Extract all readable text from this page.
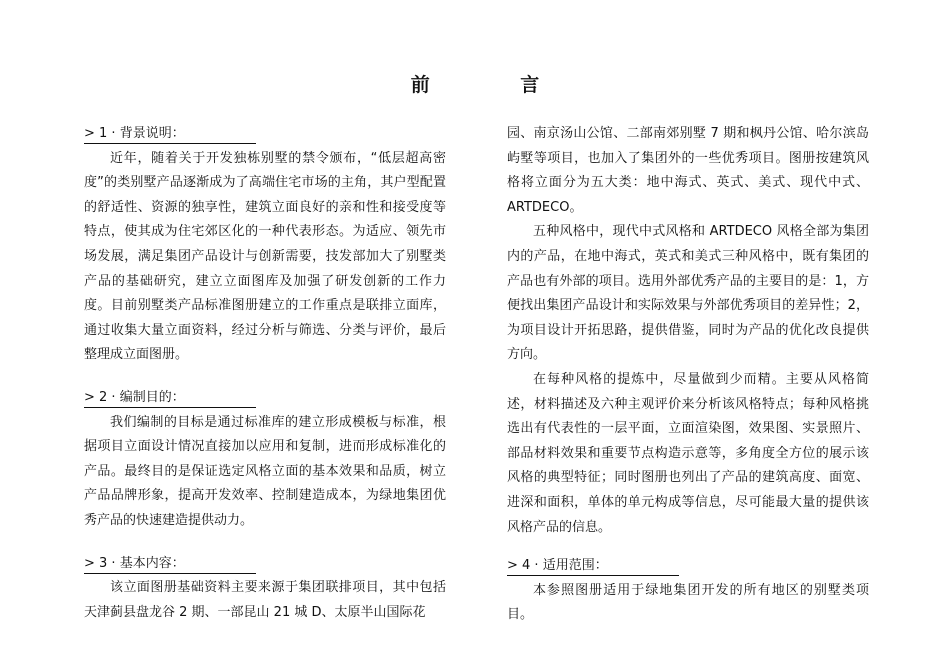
前 言
> 1 · 背景说明：

近年，随着关于开发独栋别墅的禁令颁布，“低层超高密度”的类别墅产品逐渐成为了高端住宅市场的主角，其户型配置的舒适性、资源的独享性，建筑立面良好的亲和性和接受度等特点，使其成为住宅郊区化的一种代表形态。为适应、领先市场发展，满足集团产品设计与创新需要，技发部加大了别墅类产品的基础研究，建立立面图库及加强了研发创新的工作力度。目前别墅类产品标准图册建立的工作重点是联排立面库，通过收集大量立面资料，经过分析与筛选、分类与评价，最后整理成立面图册。

> 2 · 编制目的：

我们编制的目标是通过标准库的建立形成模板与标准，根据项目立面设计情况直接加以应用和复制，进而形成标准化的产品。最终目的是保证选定风格立面的基本效果和品质，树立产品品牌形象，提高开发效率、控制建造成本，为绿地集团优秀产品的快速建造提供动力。

> 3 · 基本内容：

该立面图册基础资料主要来源于集团联排项目，其中包括天津蓟县盘龙谷 2 期、一部昆山 21 城 D、太原半山国际花

园、南京汤山公馆、二部南郊别墅 7 期和枫丹公馆、哈尔滨岛屿墅等项目，也加入了集团外的一些优秀项目。图册按建筑风格将立面分为五大类：地中海式、英式、美式、现代中式、ARTDECO。

五种风格中，现代中式风格和 ARTDECO 风格全部为集团内的产品，在地中海式，英式和美式三种风格中，既有集团的产品也有外部的项目。选用外部优秀产品的主要目的是：1，方便找出集团产品设计和实际效果与外部优秀项目的差异性；2，为项目设计开拓思路，提供借鉴，同时为产品的优化改良提供方向。

在每种风格的提炼中，尽量做到少而精。主要从风格简述，材料描述及六种主观评价来分析该风格特点；每种风格挑选出有代表性的一层平面，立面渲染图，效果图、实景照片、部品材料效果和重要节点构造示意等，多角度全方位的展示该风格的典型特征；同时图册也列出了产品的建筑高度、面宽、进深和面积，单体的单元构成等信息，尽可能最大量的提供该风格产品的信息。

> 4 · 适用范围：

本参照图册适用于绿地集团开发的所有地区的别墅类项目。
